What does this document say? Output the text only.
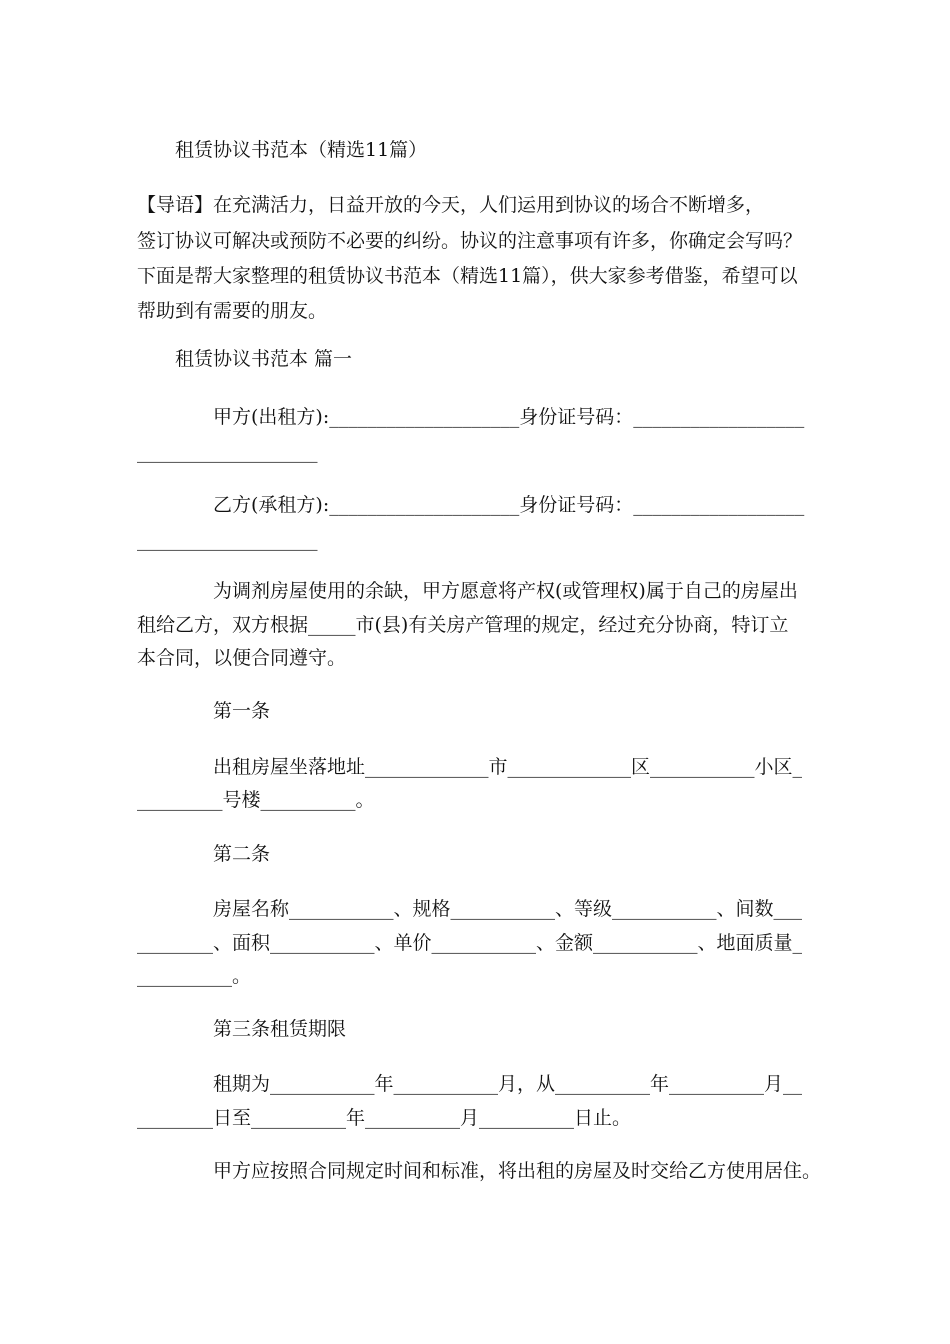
租赁协议书范本（精选11篇）
【导语】在充满活力，日益开放的今天，人们运用到协议的场合不断增多，
签订协议可解决或预防不必要的纠纷。协议的注意事项有许多，你确定会写吗？
下面是帮大家整理的租赁协议书范本（精选11篇），供大家参考借鉴，希望可以
帮助到有需要的朋友。
租赁协议书范本 篇一
甲方(出租方):____________________身份证号码：__________________
___________________
乙方(承租方):____________________身份证号码：__________________
___________________
为调剂房屋使用的余缺，甲方愿意将产权(或管理权)属于自己的房屋出
租给乙方，双方根据_____市(县)有关房产管理的规定，经过充分协商，特订立
本合同，以便合同遵守。
第一条
出租房屋坐落地址_____________市_____________区___________小区_
_________号楼__________。
第二条
房屋名称___________、规格___________、等级___________、间数___
________、面积___________、单价___________、金额___________、地面质量_
__________。
第三条租赁期限
租期为___________年___________月，从__________年__________月__
________日至__________年__________月__________日止。
甲方应按照合同规定时间和标准，将出租的房屋及时交给乙方使用居住。
